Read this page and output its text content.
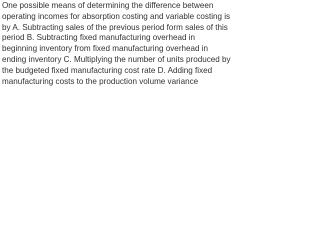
One possible means of determining the difference between operating incomes for absorption costing and variable costing is by A. Subtracting sales of the previous period form sales of this period B. Subtracting fixed manufacturing overhead in beginning inventory from fixed manufacturing overhead in ending inventory C. Multiplying the number of units produced by the budgeted fixed manufacturing cost rate D. Adding fixed manufacturing costs to the production volume variance
